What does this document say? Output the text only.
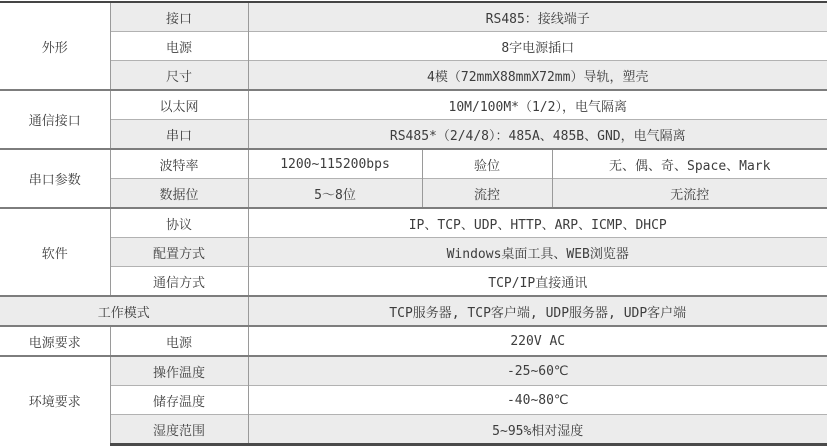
外形	接口	RS485：接线端子		
	电源	8字电源插口		
	尺寸	4模（72mmX88mmX72mm）导轨，塑壳		
通信接口	以太网	10M/100M*（1/2），电气隔离		
	串口	RS485*（2/4/8）：485A、485B、GND，电气隔离		
串口参数	波特率	1200~115200bps	验位	无、偶、奇、Space、Mark
	数据位	5～8位	流控	无流控
软件	协议	IP、TCP、UDP、HTTP、ARP、ICMP、DHCP		
	配置方式	Windows桌面工具、WEB浏览器		
	通信方式	TCP/IP直接通讯		
工作模式		TCP服务器, TCP客户端, UDP服务器, UDP客户端		
电源要求	电源	220V AC		
环境要求	操作温度	-25~60℃		
	储存温度	-40~80℃		
	湿度范围	5~95%相对湿度		
